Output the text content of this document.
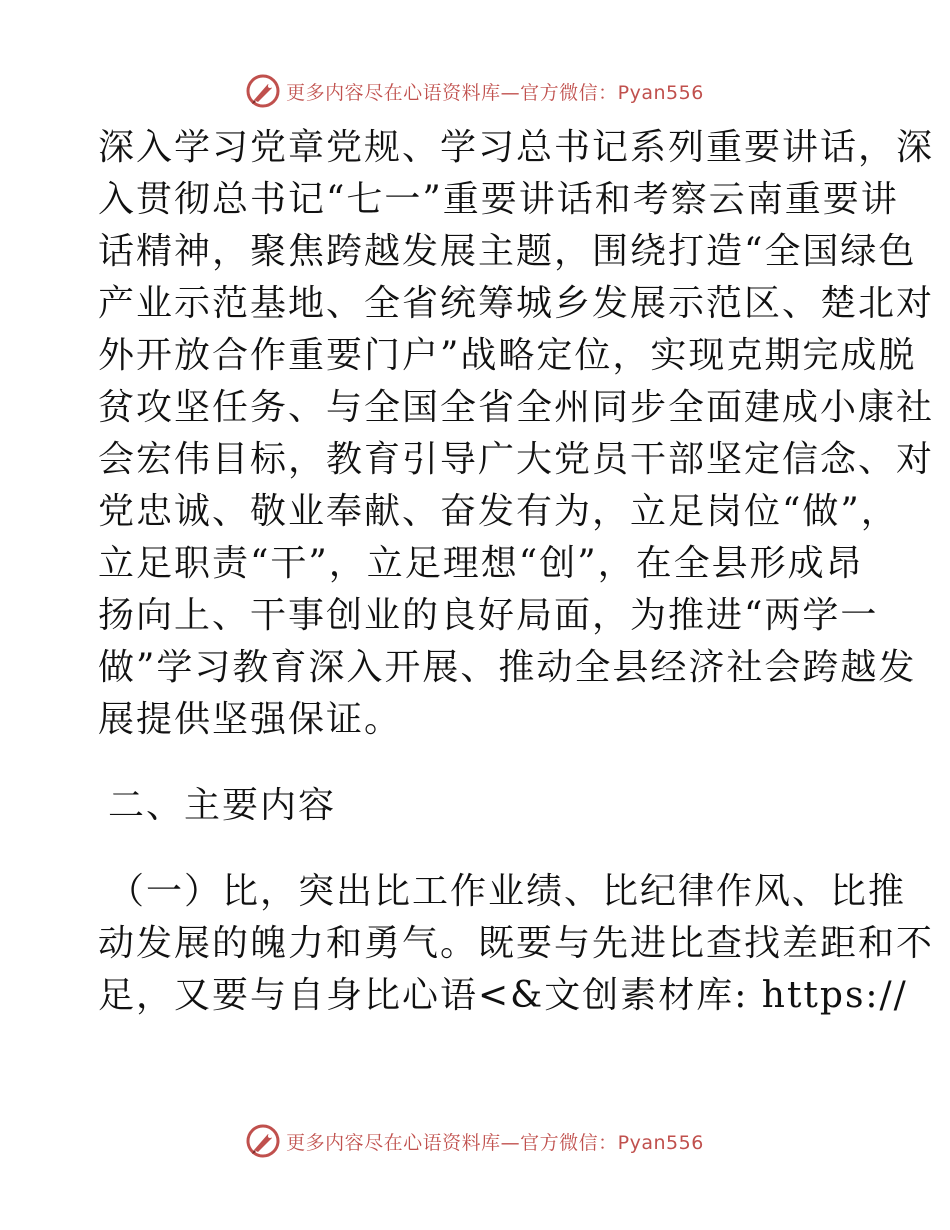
更多内容尽在心语资料库—官方微信：Pyan556
深入学习党章党规、学习总书记系列重要讲话，深
入贯彻总书记“七一”重要讲话和考察云南重要讲
话精神，聚焦跨越发展主题，围绕打造“全国绿色
产业示范基地、全省统筹城乡发展示范区、楚北对
外开放合作重要门户”战略定位，实现克期完成脱
贫攻坚任务、与全国全省全州同步全面建成小康社
会宏伟目标，教育引导广大党员干部坚定信念、对
党忠诚、敬业奉献、奋发有为，立足岗位“做”，
立足职责“干”，立足理想“创”，在全县形成昂
扬向上、干事创业的良好局面，为推进“两学一
做”学习教育深入开展、推动全县经济社会跨越发
展提供坚强保证。
二、主要内容
（一）比，突出比工作业绩、比纪律作风、比推
动发展的魄力和勇气。既要与先进比查找差距和不
足，又要与自身比心语<&文创素材库: https://
更多内容尽在心语资料库—官方微信：Pyan556
